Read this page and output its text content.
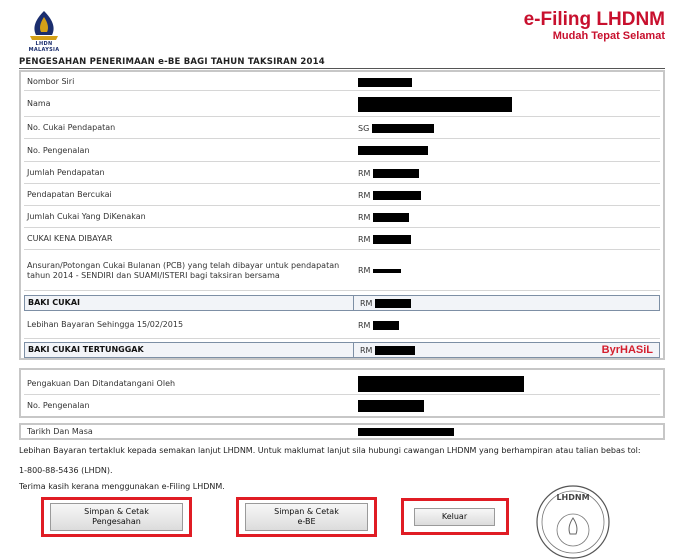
LHDN MALAYSIA
e-Filing LHDNM
Mudah Tepat Selamat
PENGESAHAN PENERIMAAN e-BE BAGI TAHUN TAKSIRAN 2014
Nombor Siri
Nama
No. Cukai Pendapatan	SG
No. Pengenalan
Jumlah Pendapatan	RM
Pendapatan Bercukai	RM
Jumlah Cukai Yang DiKenakan	RM
CUKAI KENA DIBAYAR	RM
Ansuran/Potongan Cukai Bulanan (PCB) yang telah dibayar untuk pendapatan tahun 2014 - SENDIRI dan SUAMI/ISTERI bagi taksiran bersama	RM
BAKI CUKAI	RM
Lebihan Bayaran Sehingga 15/02/2015	RM
BAKI CUKAI TERTUNGGAK	RM	ByrHASiL
Pengakuan Dan Ditandatangani Oleh
No. Pengenalan
Tarikh Dan Masa
Lebihan Bayaran tertakluk kepada semakan lanjut LHDNM. Untuk maklumat lanjut sila hubungi cawangan LHDNM yang berhampiran atau talian bebas tol:
1-800-88-5436 (LHDN).
Terima kasih kerana menggunakan e-Filing LHDNM.
Simpan & Cetak
Pengesahan
Simpan & Cetak
e-BE
Keluar
LHDNM
